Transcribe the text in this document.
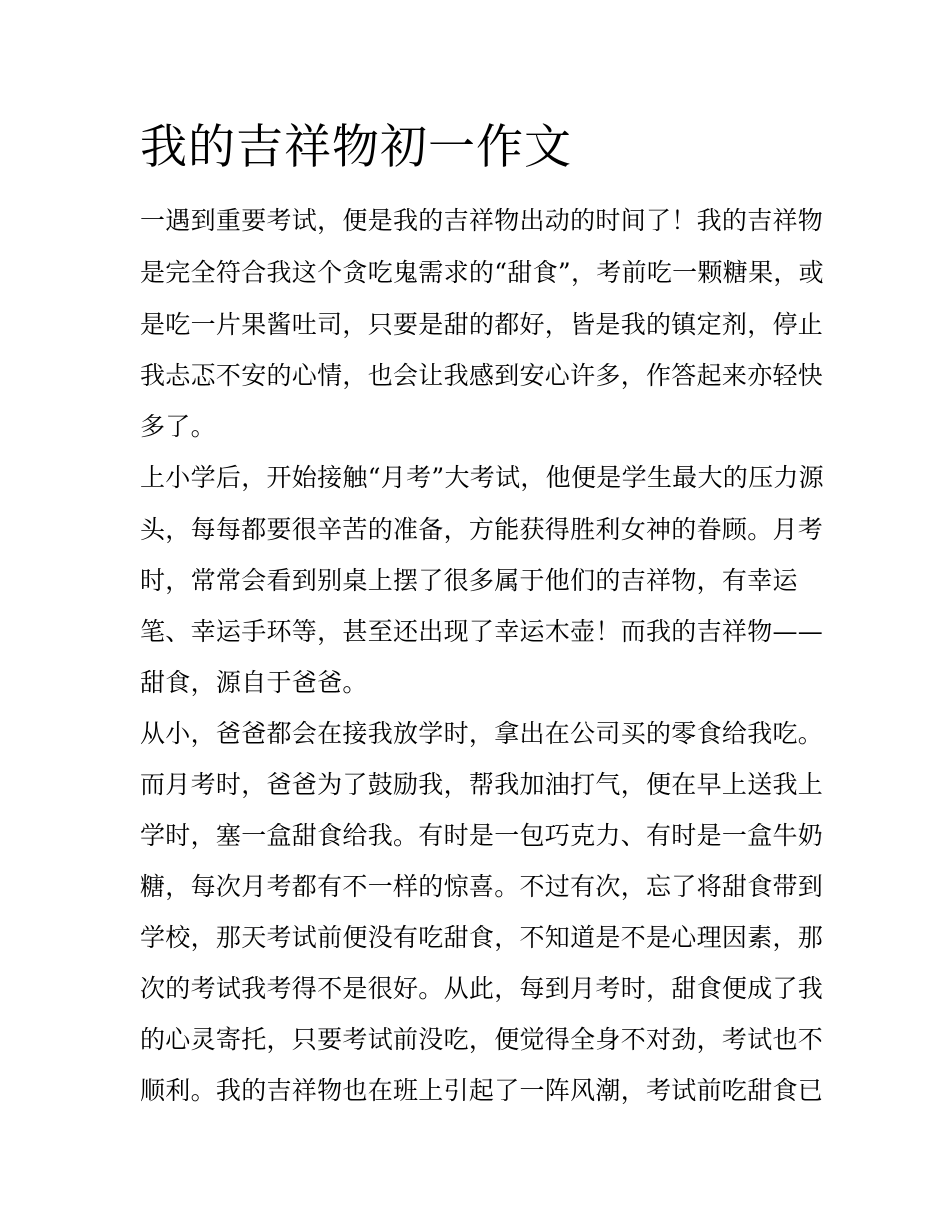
我的吉祥物初一作文

一遇到重要考试，便是我的吉祥物出动的时间了！我的吉祥物

是完全符合我这个贪吃鬼需求的“甜食”，考前吃一颗糖果，或

是吃一片果酱吐司，只要是甜的都好，皆是我的镇定剂，停止

我忐忑不安的心情，也会让我感到安心许多，作答起来亦轻快

多了。

上小学后，开始接触“月考”大考试，他便是学生最大的压力源

头，每每都要很辛苦的准备，方能获得胜利女神的眷顾。月考

时，常常会看到别桌上摆了很多属于他们的吉祥物，有幸运

笔、幸运手环等，甚至还出现了幸运木壶！而我的吉祥物——

甜食，源自于爸爸。

从小，爸爸都会在接我放学时，拿出在公司买的零食给我吃。

而月考时，爸爸为了鼓励我，帮我加油打气，便在早上送我上

学时，塞一盒甜食给我。有时是一包巧克力、有时是一盒牛奶

糖，每次月考都有不一样的惊喜。不过有次，忘了将甜食带到

学校，那天考试前便没有吃甜食，不知道是不是心理因素，那

次的考试我考得不是很好。从此，每到月考时，甜食便成了我

的心灵寄托，只要考试前没吃，便觉得全身不对劲，考试也不

顺利。我的吉祥物也在班上引起了一阵风潮，考试前吃甜食已
